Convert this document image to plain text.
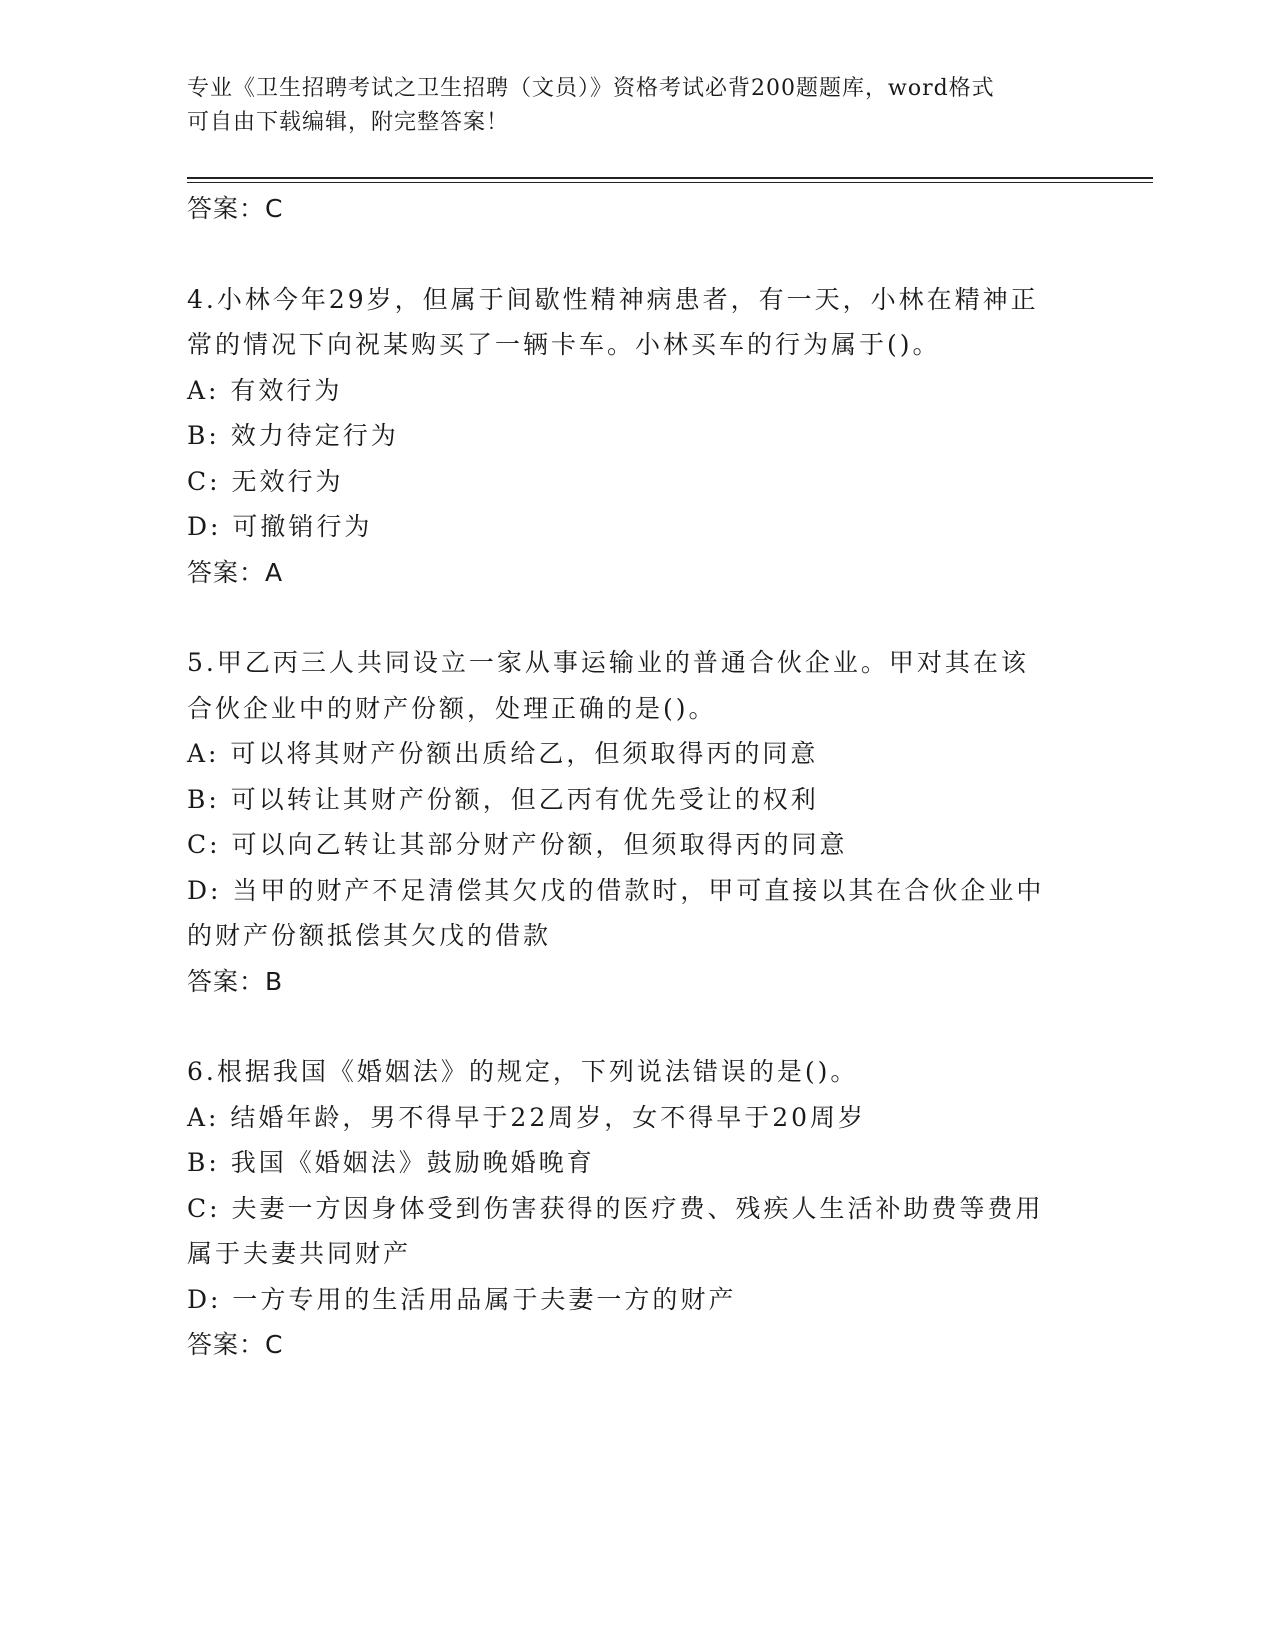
专业《卫生招聘考试之卫生招聘（文员）》资格考试必背200题题库，word格式
可自由下载编辑，附完整答案！
答案：C
4.小林今年29岁，但属于间歇性精神病患者，有一天，小林在精神正
常的情况下向祝某购买了一辆卡车。小林买车的行为属于()。
A: 有效行为
B: 效力待定行为
C: 无效行为
D: 可撤销行为
答案：A
5.甲乙丙三人共同设立一家从事运输业的普通合伙企业。甲对其在该
合伙企业中的财产份额，处理正确的是()。
A: 可以将其财产份额出质给乙，但须取得丙的同意
B: 可以转让其财产份额，但乙丙有优先受让的权利
C: 可以向乙转让其部分财产份额，但须取得丙的同意
D: 当甲的财产不足清偿其欠戊的借款时，甲可直接以其在合伙企业中
的财产份额抵偿其欠戊的借款
答案：B
6.根据我国《婚姻法》的规定，下列说法错误的是()。
A: 结婚年龄，男不得早于22周岁，女不得早于20周岁
B: 我国《婚姻法》鼓励晚婚晚育
C: 夫妻一方因身体受到伤害获得的医疗费、残疾人生活补助费等费用
属于夫妻共同财产
D: 一方专用的生活用品属于夫妻一方的财产
答案：C
